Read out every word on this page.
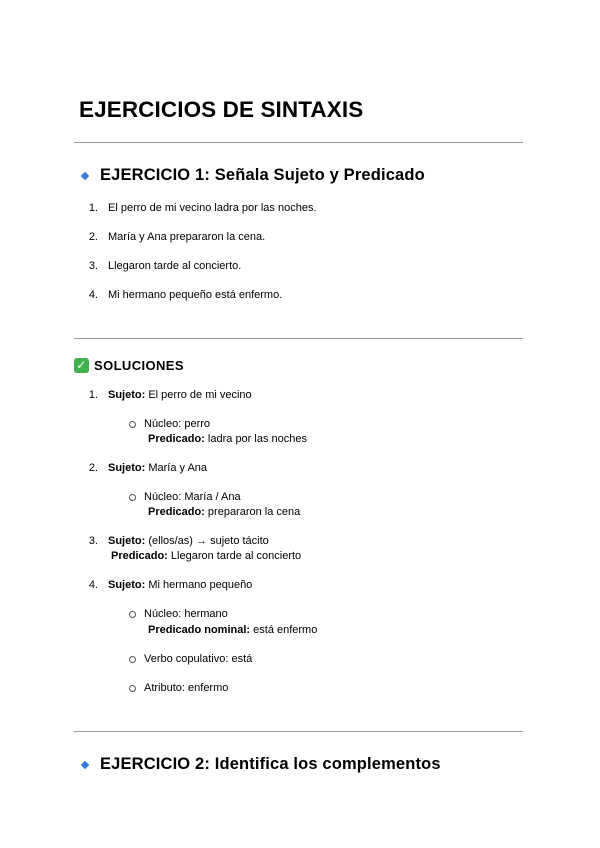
EJERCICIOS DE SINTAXIS
EJERCICIO 1: Señala Sujeto y Predicado
1. El perro de mi vecino ladra por las noches.
2. María y Ana prepararon la cena.
3. Llegaron tarde al concierto.
4. Mi hermano pequeño está enfermo.
✓ SOLUCIONES
1. Sujeto: El perro de mi vecino
Núcleo: perro
Predicado: ladra por las noches
2. Sujeto: María y Ana
Núcleo: María / Ana
Predicado: prepararon la cena
3. Sujeto: (ellos/as) → sujeto tácito
Predicado: Llegaron tarde al concierto
4. Sujeto: Mi hermano pequeño
Núcleo: hermano
Predicado nominal: está enfermo
Verbo copulativo: está
Atributo: enfermo
EJERCICIO 2: Identifica los complementos
